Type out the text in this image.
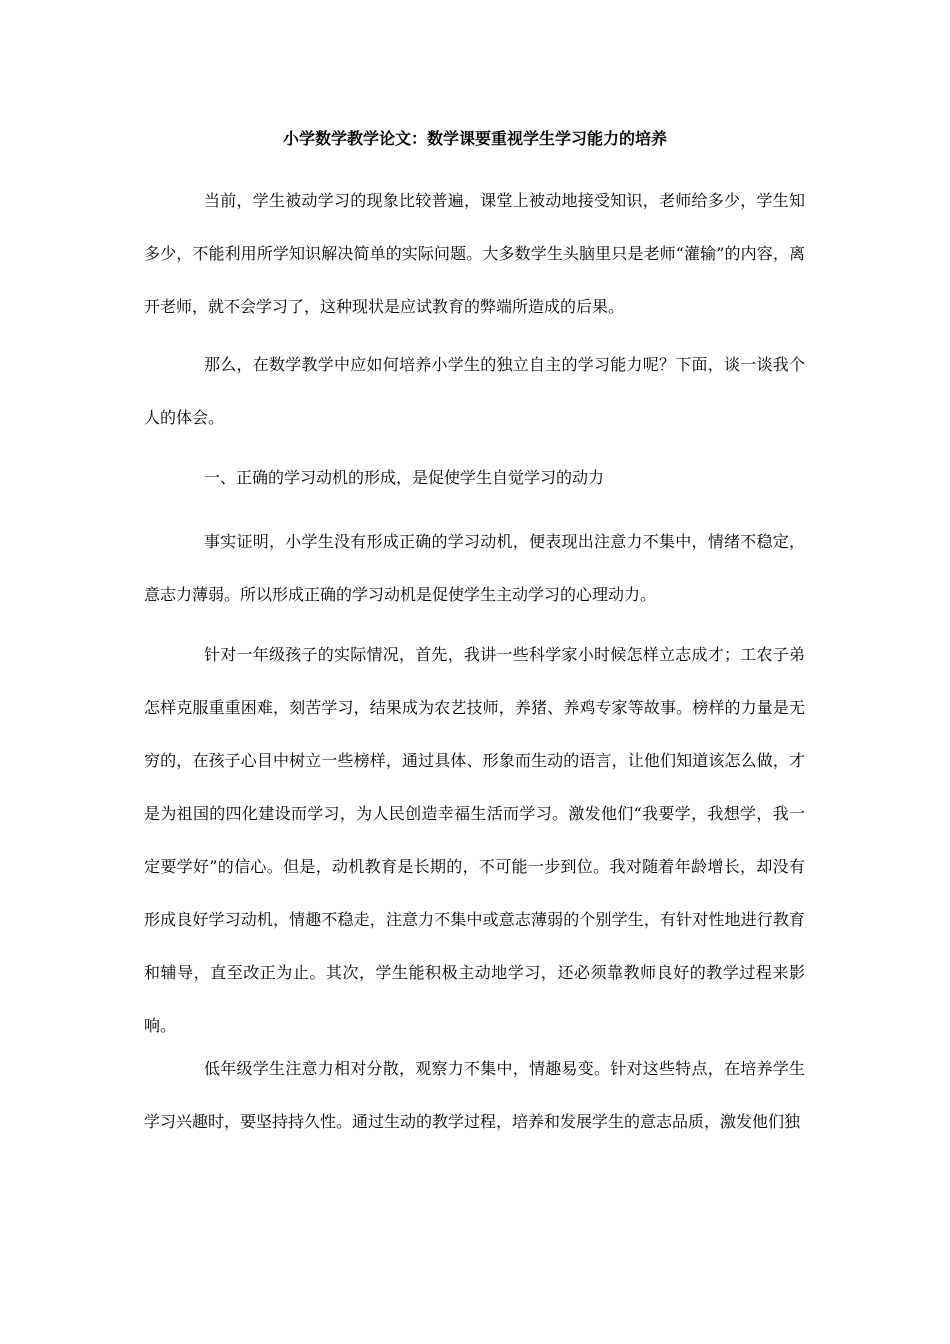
小学数学教学论文：数学课要重视学生学习能力的培养

当前，学生被动学习的现象比较普遍，课堂上被动地接受知识，老师给多少，学生知多少，不能利用所学知识解决简单的实际问题。大多数学生头脑里只是老师“灌输”的内容，离开老师，就不会学习了，这种现状是应试教育的弊端所造成的后果。

那么，在数学教学中应如何培养小学生的独立自主的学习能力呢？下面，谈一谈我个人的体会。

一、正确的学习动机的形成，是促使学生自觉学习的动力

事实证明，小学生没有形成正确的学习动机，便表现出注意力不集中，情绪不稳定，意志力薄弱。所以形成正确的学习动机是促使学生主动学习的心理动力。

针对一年级孩子的实际情况，首先，我讲一些科学家小时候怎样立志成才；工农子弟怎样克服重重困难，刻苦学习，结果成为农艺技师，养猪、养鸡专家等故事。榜样的力量是无穷的，在孩子心目中树立一些榜样，通过具体、形象而生动的语言，让他们知道该怎么做，才是为祖国的四化建设而学习，为人民创造幸福生活而学习。激发他们“我要学，我想学，我一定要学好”的信心。但是，动机教育是长期的，不可能一步到位。我对随着年龄增长，却没有形成良好学习动机，情趣不稳走，注意力不集中或意志薄弱的个别学生，有针对性地进行教育和辅导，直至改正为止。其次，学生能积极主动地学习，还必须靠教师良好的教学过程来影响。

低年级学生注意力相对分散，观察力不集中，情趣易变。针对这些特点，在培养学生学习兴趣时，要坚持持久性。通过生动的教学过程，培养和发展学生的意志品质，激发他们独
